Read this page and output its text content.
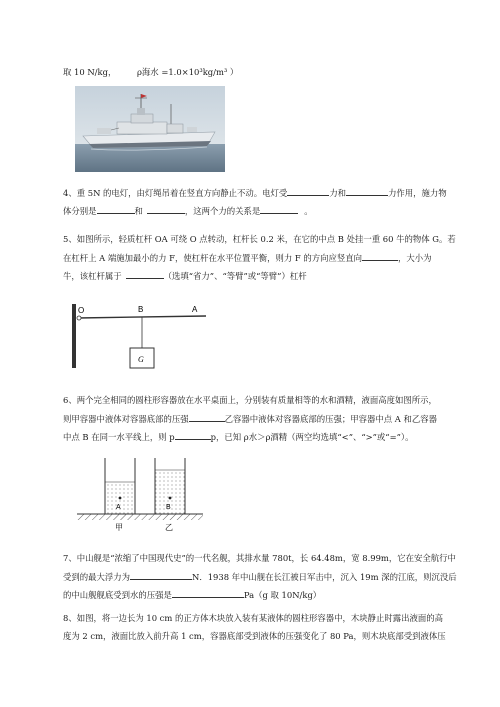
取 10 N/kg， ρ海水 =1.0×10³kg/m³ ）
4、重 5N 的电灯，由灯绳吊着在竖直方向静止不动。电灯受	力和	力作用，施力物
体分别是	和	，这两个力的关系是	。
5、如图所示，轻质杠杆 OA 可绕 O 点转动，杠杆长 0.2 米，在它的中点 B 处挂一重 60 牛的物体 G。若
在杠杆上 A 端施加最小的力 F，使杠杆在水平位置平衡，则力 F 的方向应竖直向	，大小为
牛，该杠杆属于	（选填“省力”、“等臂”或“等臂”）杠杆
O	B	A
G
6、两个完全相同的圆柱形容器放在水平桌面上，分别装有质量相等的水和酒精，液面高度如图所示，
则甲容器中液体对容器底部的压强	乙容器中液体对容器底部的压强；甲容器中点 A 和乙容器
中点 B 在同一水平线上，则 p	p，已知 ρ水＞ρ酒精（两空均选填“<”、“>”或“=”）。
A	B
甲	乙
7、中山舰是“浓缩了中国现代史”的一代名舰，其排水量 780t，长 64.48m，宽 8.99m，它在安全航行中
受到的最大浮力为	N．1938 年中山舰在长江被日军击中，沉入 19m 深的江底，则沉没后
的中山舰舰底受到水的压强是	Pa（g 取 10N/kg）
8、如图，将一边长为 10 cm 的正方体木块放入装有某液体的圆柱形容器中，木块静止时露出液面的高
度为 2 cm，液面比放入前升高 1 cm，容器底部受到液体的压强变化了 80 Pa，则木块底部受到液体压
